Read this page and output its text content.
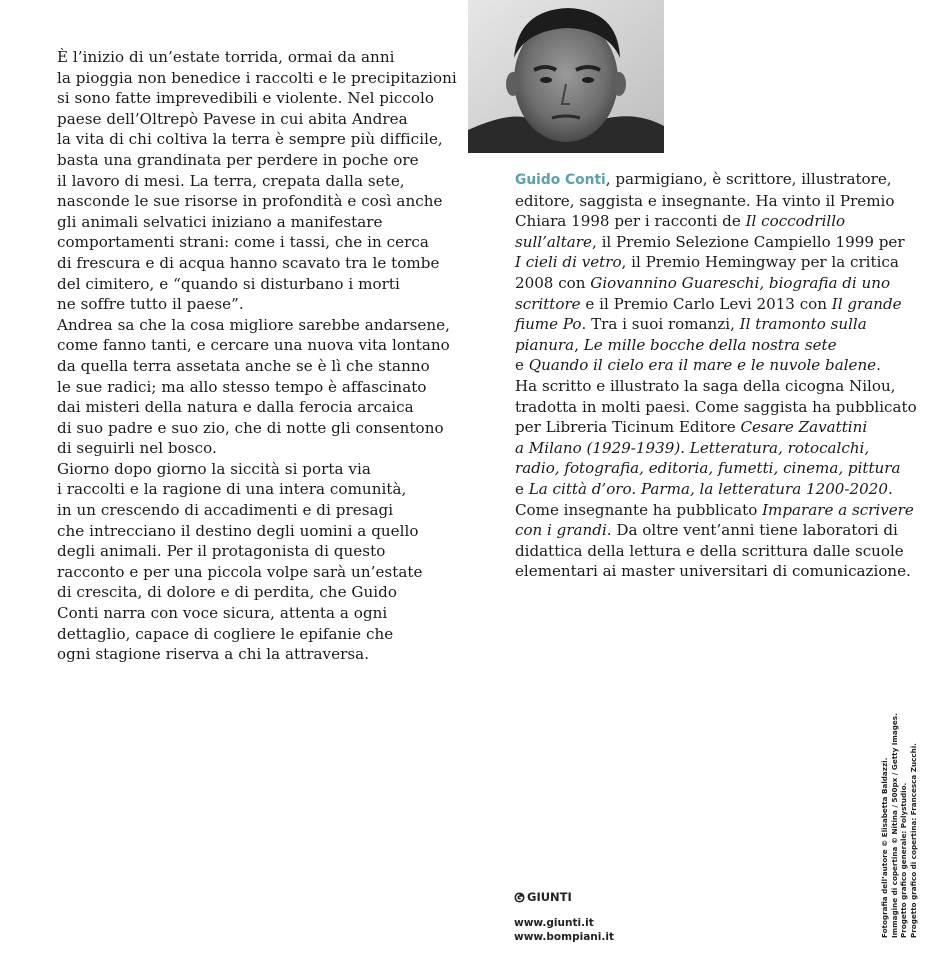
È l’inizio di un’estate torrida, ormai da anni
la pioggia non benedice i raccolti e le precipitazioni
si sono fatte imprevedibili e violente. Nel piccolo
paese dell’Oltrepò Pavese in cui abita Andrea
la vita di chi coltiva la terra è sempre più difficile,
basta una grandinata per perdere in poche ore
il lavoro di mesi. La terra, crepata dalla sete,
nasconde le sue risorse in profondità e così anche
gli animali selvatici iniziano a manifestare
comportamenti strani: come i tassi, che in cerca
di frescura e di acqua hanno scavato tra le tombe
del cimitero, e “quando si disturbano i morti
ne soffre tutto il paese”.
Andrea sa che la cosa migliore sarebbe andarsene,
come fanno tanti, e cercare una nuova vita lontano
da quella terra assetata anche se è lì che stanno
le sue radici; ma allo stesso tempo è affascinato
dai misteri della natura e dalla ferocia arcaica
di suo padre e suo zio, che di notte gli consentono
di seguirli nel bosco.
Giorno dopo giorno la siccità si porta via
i raccolti e la ragione di una intera comunità,
in un crescendo di accadimenti e di presagi
che intrecciano il destino degli uomini a quello
degli animali. Per il protagonista di questo
racconto e per una piccola volpe sarà un’estate
di crescita, di dolore e di perdita, che Guido
Conti narra con voce sicura, attenta a ogni
dettaglio, capace di cogliere le epifanie che
ogni stagione riserva a chi la attraversa.
Guido Conti, parmigiano, è scrittore, illustratore,
editore, saggista e insegnante. Ha vinto il Premio
Chiara 1998 per i racconti de Il coccodrillo
sull’altare, il Premio Selezione Campiello 1999 per
I cieli di vetro, il Premio Hemingway per la critica
2008 con Giovannino Guareschi, biografia di uno
scrittore e il Premio Carlo Levi 2013 con Il grande
fiume Po. Tra i suoi romanzi, Il tramonto sulla
pianura, Le mille bocche della nostra sete
e Quando il cielo era il mare e le nuvole balene.
Ha scritto e illustrato la saga della cicogna Nilou,
tradotta in molti paesi. Come saggista ha pubblicato
per Libreria Ticinum Editore Cesare Zavattini
a Milano (1929-1939). Letteratura, rotocalchi,
radio, fotografia, editoria, fumetti, cinema, pittura
e La città d’oro. Parma, la letteratura 1200-2020.
Come insegnante ha pubblicato Imparare a scrivere
con i grandi. Da oltre vent’anni tiene laboratori di
didattica della lettura e della scrittura dalle scuole
elementari ai master universitari di comunicazione.
GIUNTI
www.giunti.it
www.bompiani.it	Fotografia dell’autore © Elisabetta Baldazzi. Immagine di copertina © Nitina / 500px / Getty Images. Progetto grafico generale: Polystudio. Progetto grafico di copertina: Francesca Zucchi.
